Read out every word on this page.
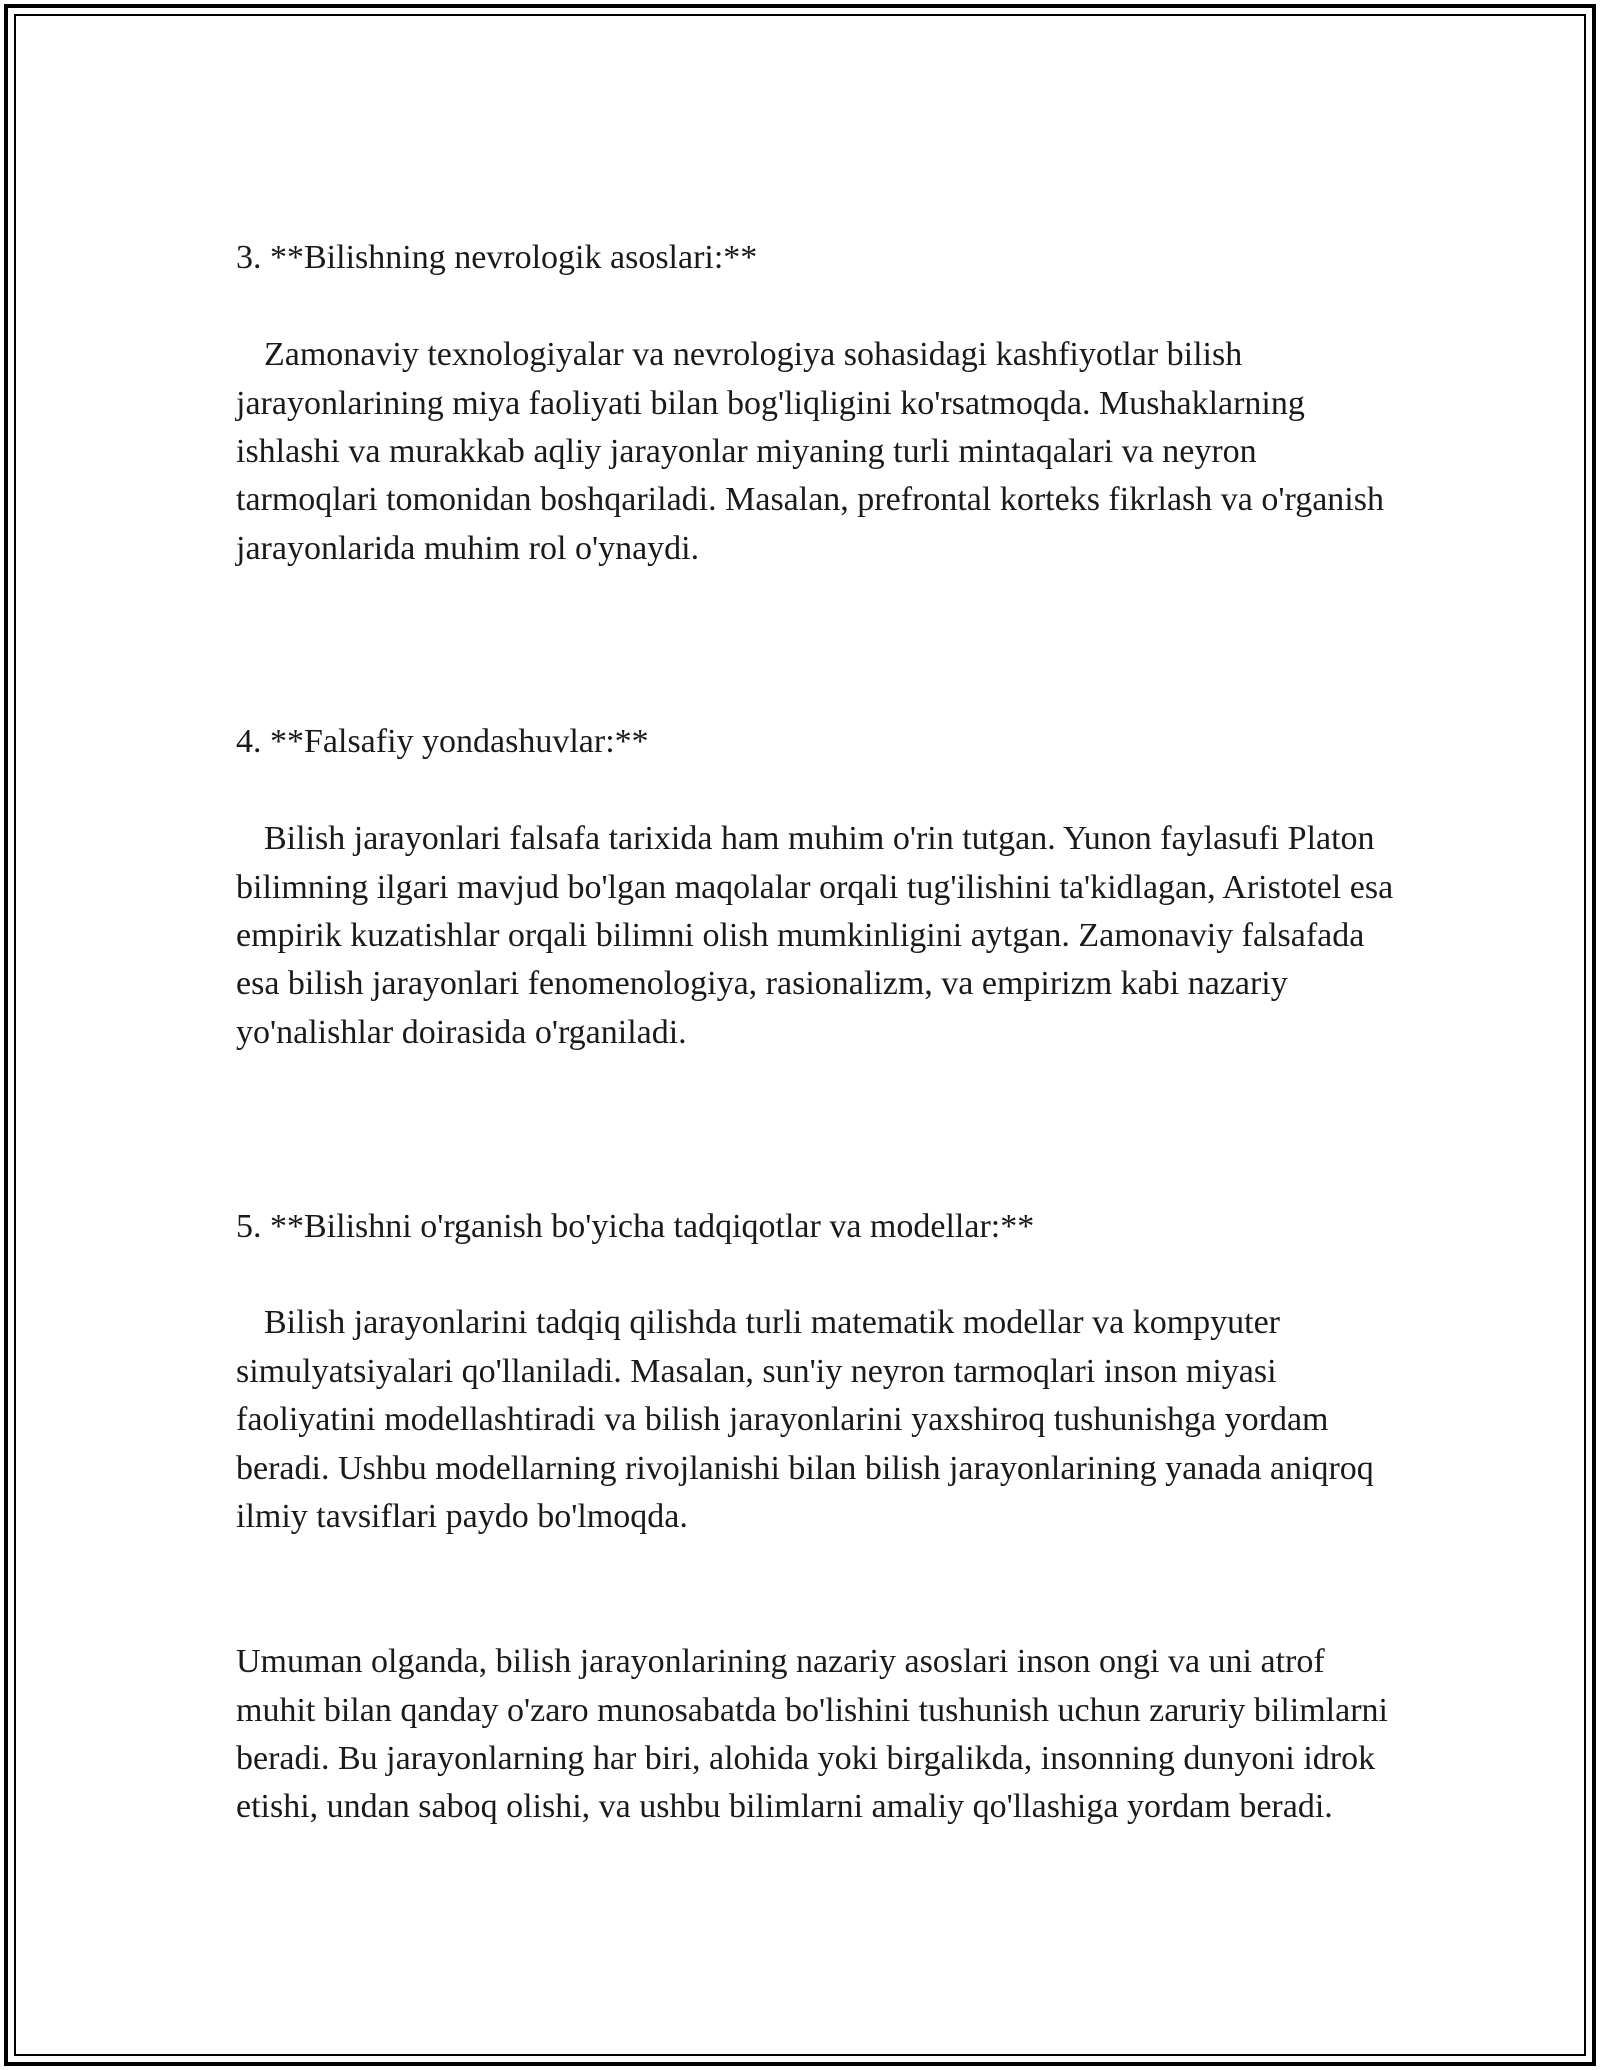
3. **Bilishning nevrologik asoslari:**

Zamonaviy texnologiyalar va nevrologiya sohasidagi kashfiyotlar bilish jarayonlarining miya faoliyati bilan bog'liqligini ko'rsatmoqda. Mushaklarning ishlashi va murakkab aqliy jarayonlar miyaning turli mintaqalari va neyron tarmoqlari tomonidan boshqariladi. Masalan, prefrontal korteks fikrlash va o'rganish jarayonlarida muhim rol o'ynaydi.

4. **Falsafiy yondashuvlar:**

Bilish jarayonlari falsafa tarixida ham muhim o'rin tutgan. Yunon faylasufi Platon bilimning ilgari mavjud bo'lgan maqolalar orqali tug'ilishini ta'kidlagan, Aristotel esa empirik kuzatishlar orqali bilimni olish mumkinligini aytgan. Zamonaviy falsafada esa bilish jarayonlari fenomenologiya, rasionalizm, va empirizm kabi nazariy yo'nalishlar doirasida o'rganiladi.

5. **Bilishni o'rganish bo'yicha tadqiqotlar va modellar:**

Bilish jarayonlarini tadqiq qilishda turli matematik modellar va kompyuter simulyatsiyalari qo'llaniladi. Masalan, sun'iy neyron tarmoqlari inson miyasi faoliyatini modellashtiradi va bilish jarayonlarini yaxshiroq tushunishga yordam beradi. Ushbu modellarning rivojlanishi bilan bilish jarayonlarining yanada aniqroq ilmiy tavsiflari paydo bo'lmoqda.

Umuman olganda, bilish jarayonlarining nazariy asoslari inson ongi va uni atrof muhit bilan qanday o'zaro munosabatda bo'lishini tushunish uchun zaruriy bilimlarni beradi. Bu jarayonlarning har biri, alohida yoki birgalikda, insonning dunyoni idrok etishi, undan saboq olishi, va ushbu bilimlarni amaliy qo'llashiga yordam beradi.
